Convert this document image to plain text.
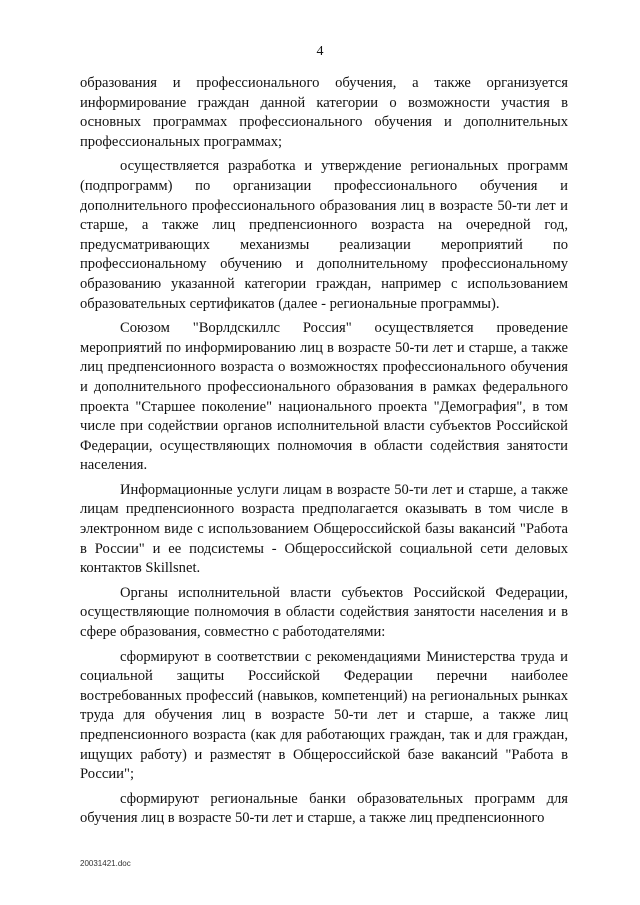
4

образования и профессионального обучения, а также организуется информирование граждан данной категории о возможности участия в основных программах профессионального обучения и дополнительных профессиональных программах;

осуществляется разработка и утверждение региональных программ (подпрограмм) по организации профессионального обучения и дополнительного профессионального образования лиц в возрасте 50-ти лет и старше, а также лиц предпенсионного возраста на очередной год, предусматривающих механизмы реализации мероприятий по профессиональному обучению и дополнительному профессиональному образованию указанной категории граждан, например с использованием образовательных сертификатов (далее - региональные программы).

Союзом "Ворлдскиллс Россия" осуществляется проведение мероприятий по информированию лиц в возрасте 50-ти лет и старше, а также лиц предпенсионного возраста о возможностях профессионального обучения и дополнительного профессионального образования в рамках федерального проекта "Старшее поколение" национального проекта "Демография", в том числе при содействии органов исполнительной власти субъектов Российской Федерации, осуществляющих полномочия в области содействия занятости населения.

Информационные услуги лицам в возрасте 50-ти лет и старше, а также лицам предпенсионного возраста предполагается оказывать в том числе в электронном виде с использованием Общероссийской базы вакансий "Работа в России" и ее подсистемы - Общероссийской социальной сети деловых контактов Skillsnet.

Органы исполнительной власти субъектов Российской Федерации, осуществляющие полномочия в области содействия занятости населения и в сфере образования, совместно с работодателями:

сформируют в соответствии с рекомендациями Министерства труда и социальной защиты Российской Федерации перечни наиболее востребованных профессий (навыков, компетенций) на региональных рынках труда для обучения лиц в возрасте 50-ти лет и старше, а также лиц предпенсионного возраста (как для работающих граждан, так и для граждан, ищущих работу) и разместят в Общероссийской базе вакансий "Работа в России";

сформируют региональные банки образовательных программ для обучения лиц в возрасте 50-ти лет и старше, а также лиц предпенсионного

20031421.doc
